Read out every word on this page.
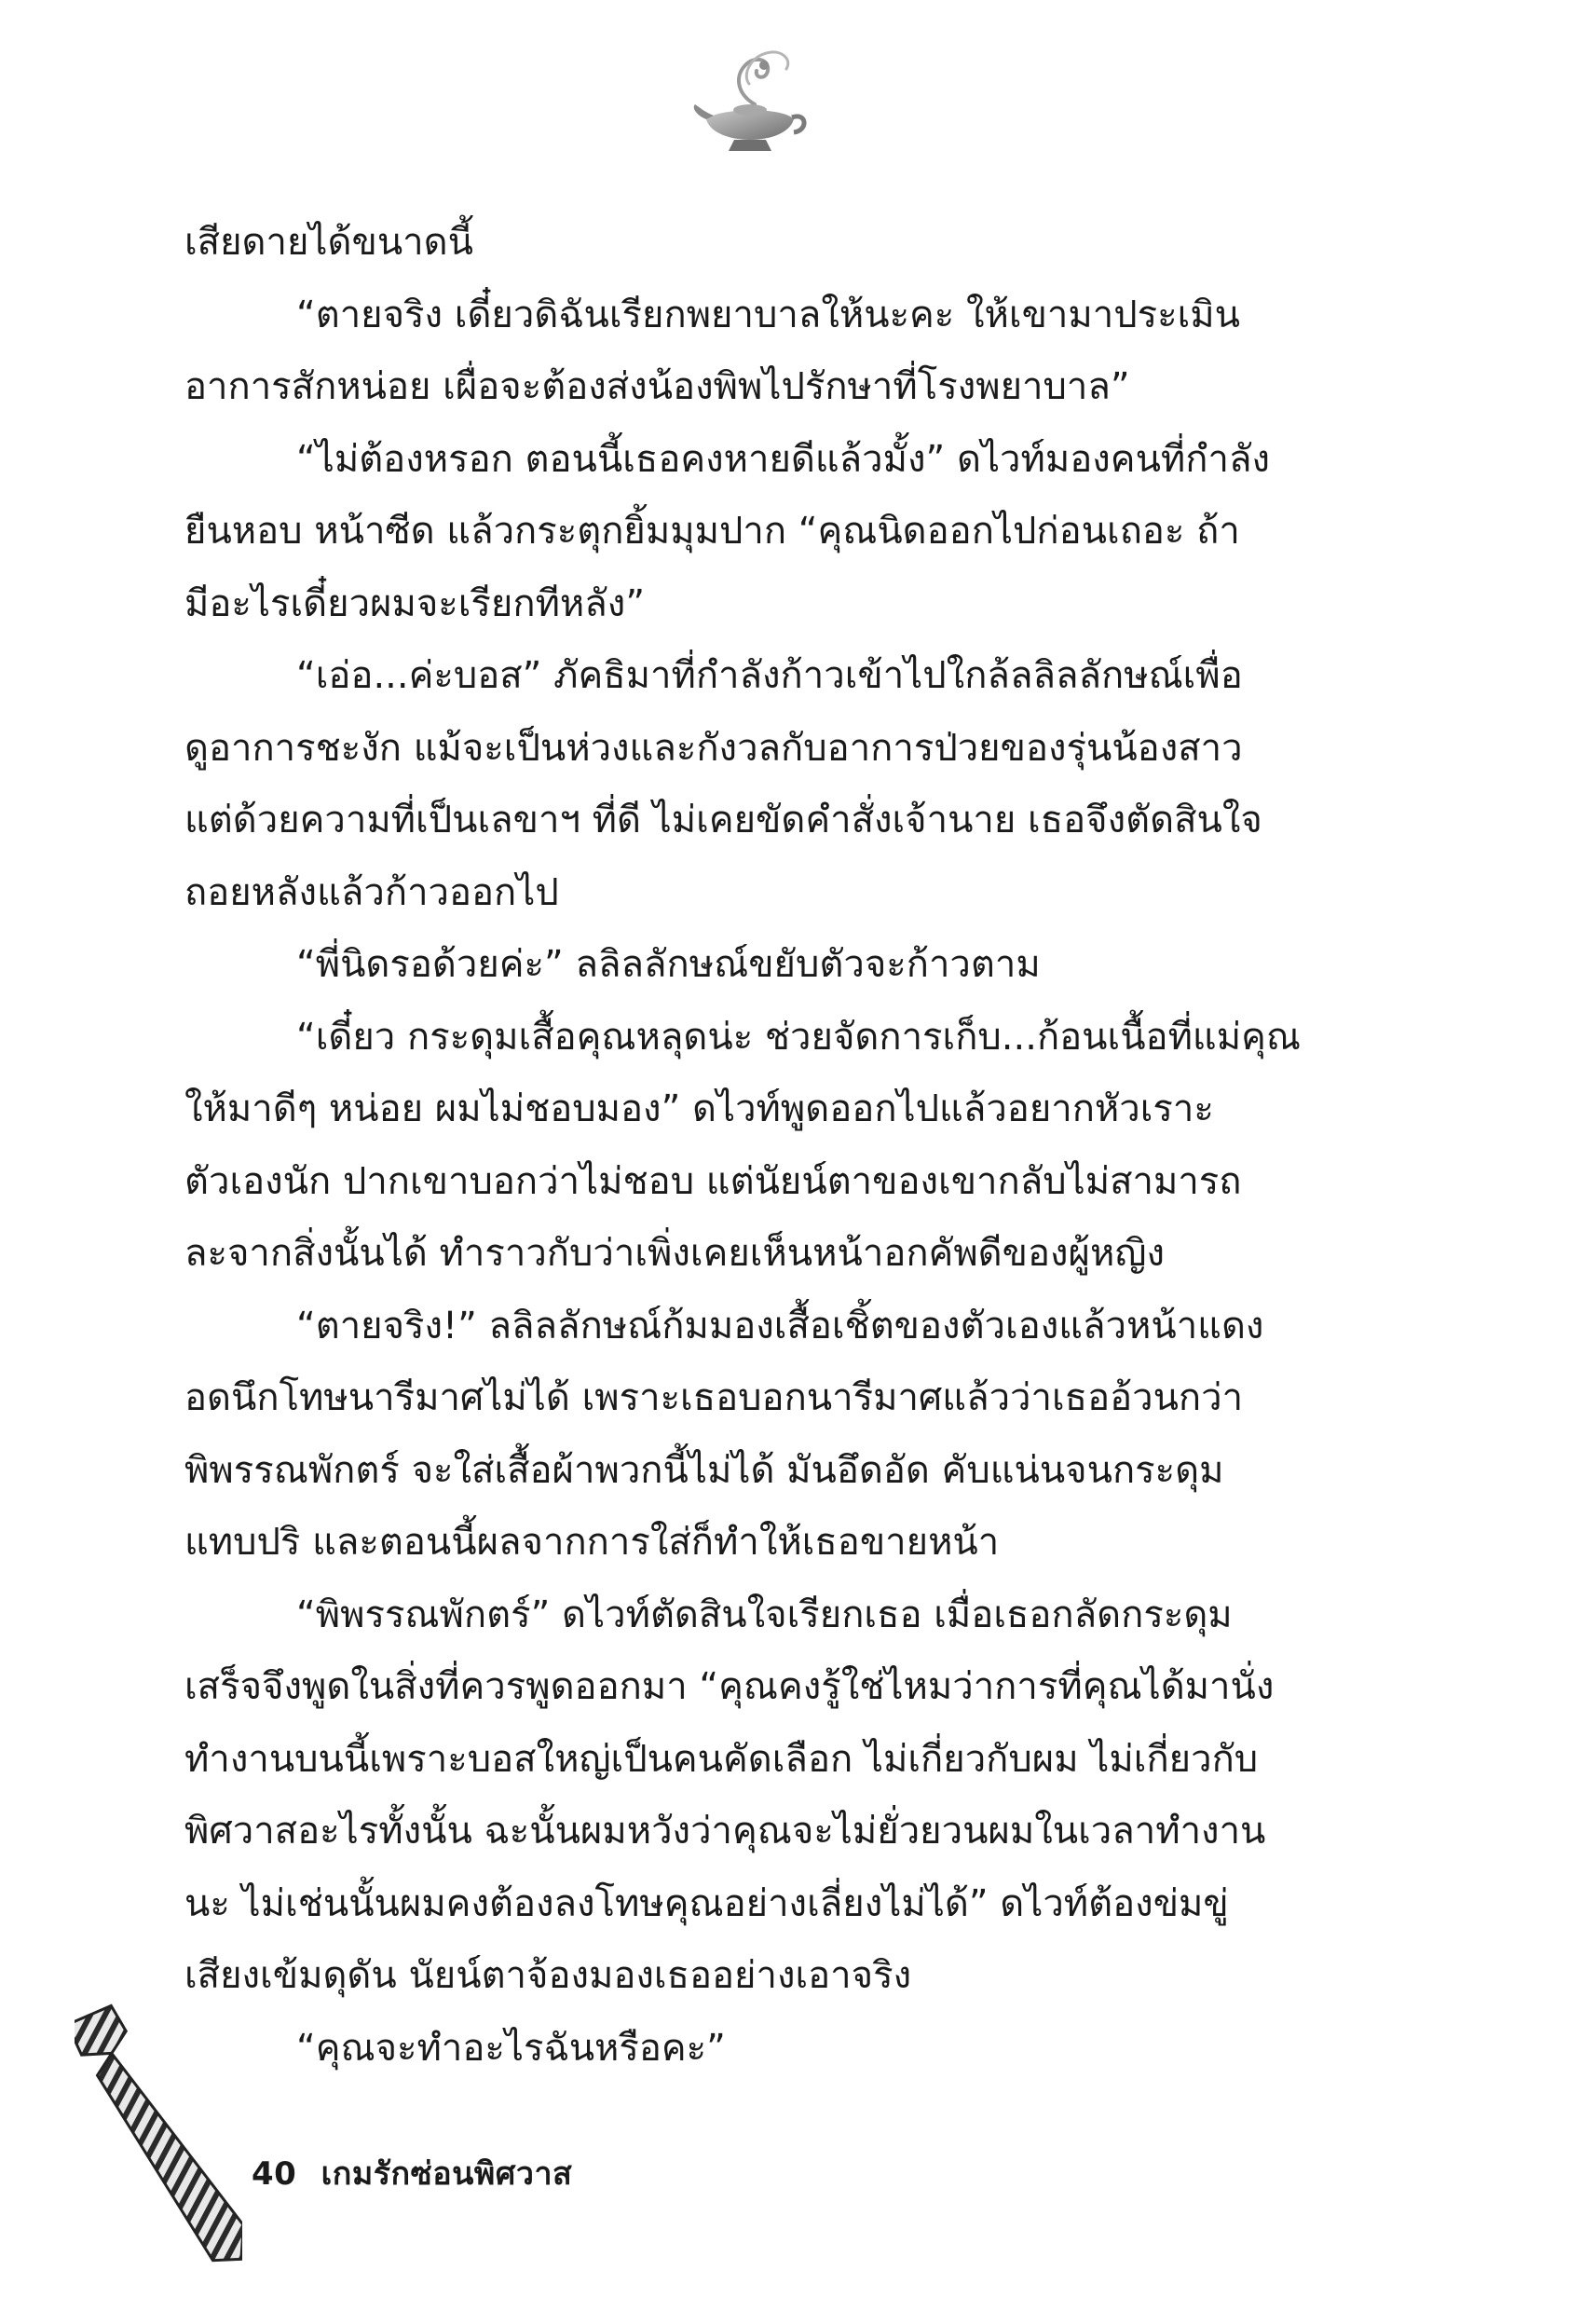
เสียดายได้ขนาดนี้
“ตายจริง เดี๋ยวดิฉันเรียกพยาบาลให้นะคะ ให้เขามาประเมิน
อาการสักหน่อย เผื่อจะต้องส่งน้องพิพไปรักษาที่โรงพยาบาล”
“ไม่ต้องหรอก ตอนนี้เธอคงหายดีแล้วมั้ง” ดไวท์มองคนที่กำลัง
ยืนหอบ หน้าซีด แล้วกระตุกยิ้มมุมปาก “คุณนิดออกไปก่อนเถอะ ถ้า
มีอะไรเดี๋ยวผมจะเรียกทีหลัง”
“เอ่อ...ค่ะบอส” ภัคธิมาที่กำลังก้าวเข้าไปใกล้ลลิลลักษณ์เพื่อ
ดูอาการชะงัก แม้จะเป็นห่วงและกังวลกับอาการป่วยของรุ่นน้องสาว
แต่ด้วยความที่เป็นเลขาฯ ที่ดี ไม่เคยขัดคำสั่งเจ้านาย เธอจึงตัดสินใจ
ถอยหลังแล้วก้าวออกไป
“พี่นิดรอด้วยค่ะ” ลลิลลักษณ์ขยับตัวจะก้าวตาม
“เดี๋ยว กระดุมเสื้อคุณหลุดน่ะ ช่วยจัดการเก็บ...ก้อนเนื้อที่แม่คุณ
ให้มาดีๆ หน่อย ผมไม่ชอบมอง” ดไวท์พูดออกไปแล้วอยากหัวเราะ
ตัวเองนัก ปากเขาบอกว่าไม่ชอบ แต่นัยน์ตาของเขากลับไม่สามารถ
ละจากสิ่งนั้นได้ ทำราวกับว่าเพิ่งเคยเห็นหน้าอกคัพดีของผู้หญิง
“ตายจริง!” ลลิลลักษณ์ก้มมองเสื้อเชิ้ตของตัวเองแล้วหน้าแดง
อดนึกโทษนารีมาศไม่ได้ เพราะเธอบอกนารีมาศแล้วว่าเธออ้วนกว่า
พิพรรณพักตร์ จะใส่เสื้อผ้าพวกนี้ไม่ได้ มันอึดอัด คับแน่นจนกระดุม
แทบปริ และตอนนี้ผลจากการใส่ก็ทำให้เธอขายหน้า
“พิพรรณพักตร์” ดไวท์ตัดสินใจเรียกเธอ เมื่อเธอกลัดกระดุม
เสร็จจึงพูดในสิ่งที่ควรพูดออกมา “คุณคงรู้ใช่ไหมว่าการที่คุณได้มานั่ง
ทำงานบนนี้เพราะบอสใหญ่เป็นคนคัดเลือก ไม่เกี่ยวกับผม ไม่เกี่ยวกับ
พิศวาสอะไรทั้งนั้น ฉะนั้นผมหวังว่าคุณจะไม่ยั่วยวนผมในเวลาทำงาน
นะ ไม่เช่นนั้นผมคงต้องลงโทษคุณอย่างเลี่ยงไม่ได้” ดไวท์ต้องข่มขู่
เสียงเข้มดุดัน นัยน์ตาจ้องมองเธออย่างเอาจริง
“คุณจะทำอะไรฉันหรือคะ”
40 เกมรักซ่อนพิศวาส
